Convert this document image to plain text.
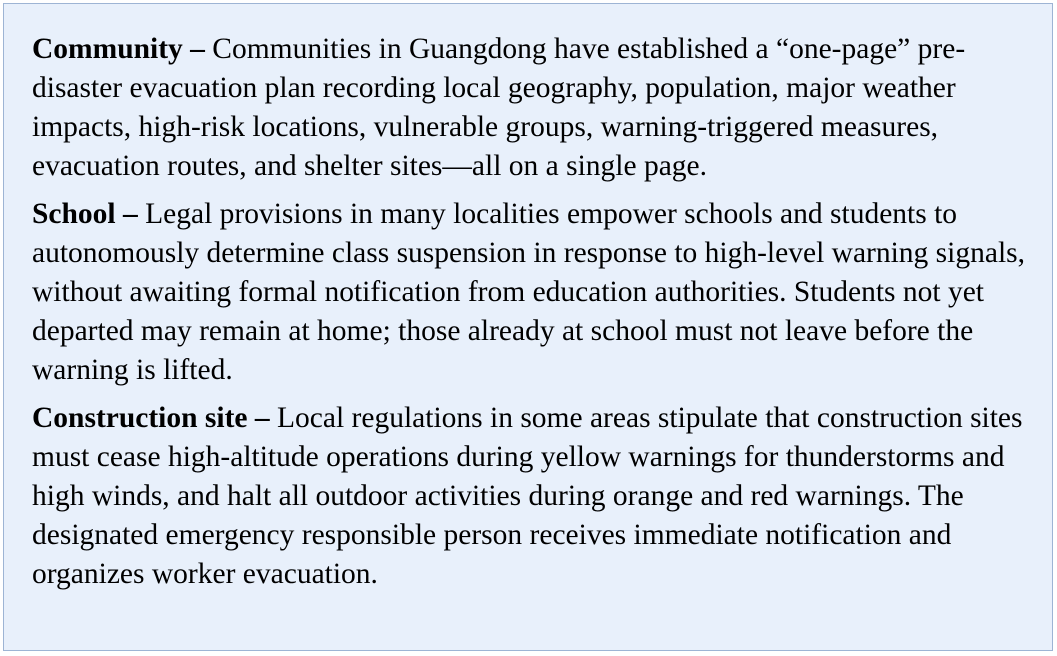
Community – Communities in Guangdong have established a “one-page” pre-disaster evacuation plan recording local geography, population, major weather impacts, high-risk locations, vulnerable groups, warning-triggered measures, evacuation routes, and shelter sites—all on a single page.

School – Legal provisions in many localities empower schools and students to autonomously determine class suspension in response to high-level warning signals, without awaiting formal notification from education authorities. Students not yet departed may remain at home; those already at school must not leave before the warning is lifted.

Construction site – Local regulations in some areas stipulate that construction sites must cease high-altitude operations during yellow warnings for thunderstorms and high winds, and halt all outdoor activities during orange and red warnings. The designated emergency responsible person receives immediate notification and organizes worker evacuation.
